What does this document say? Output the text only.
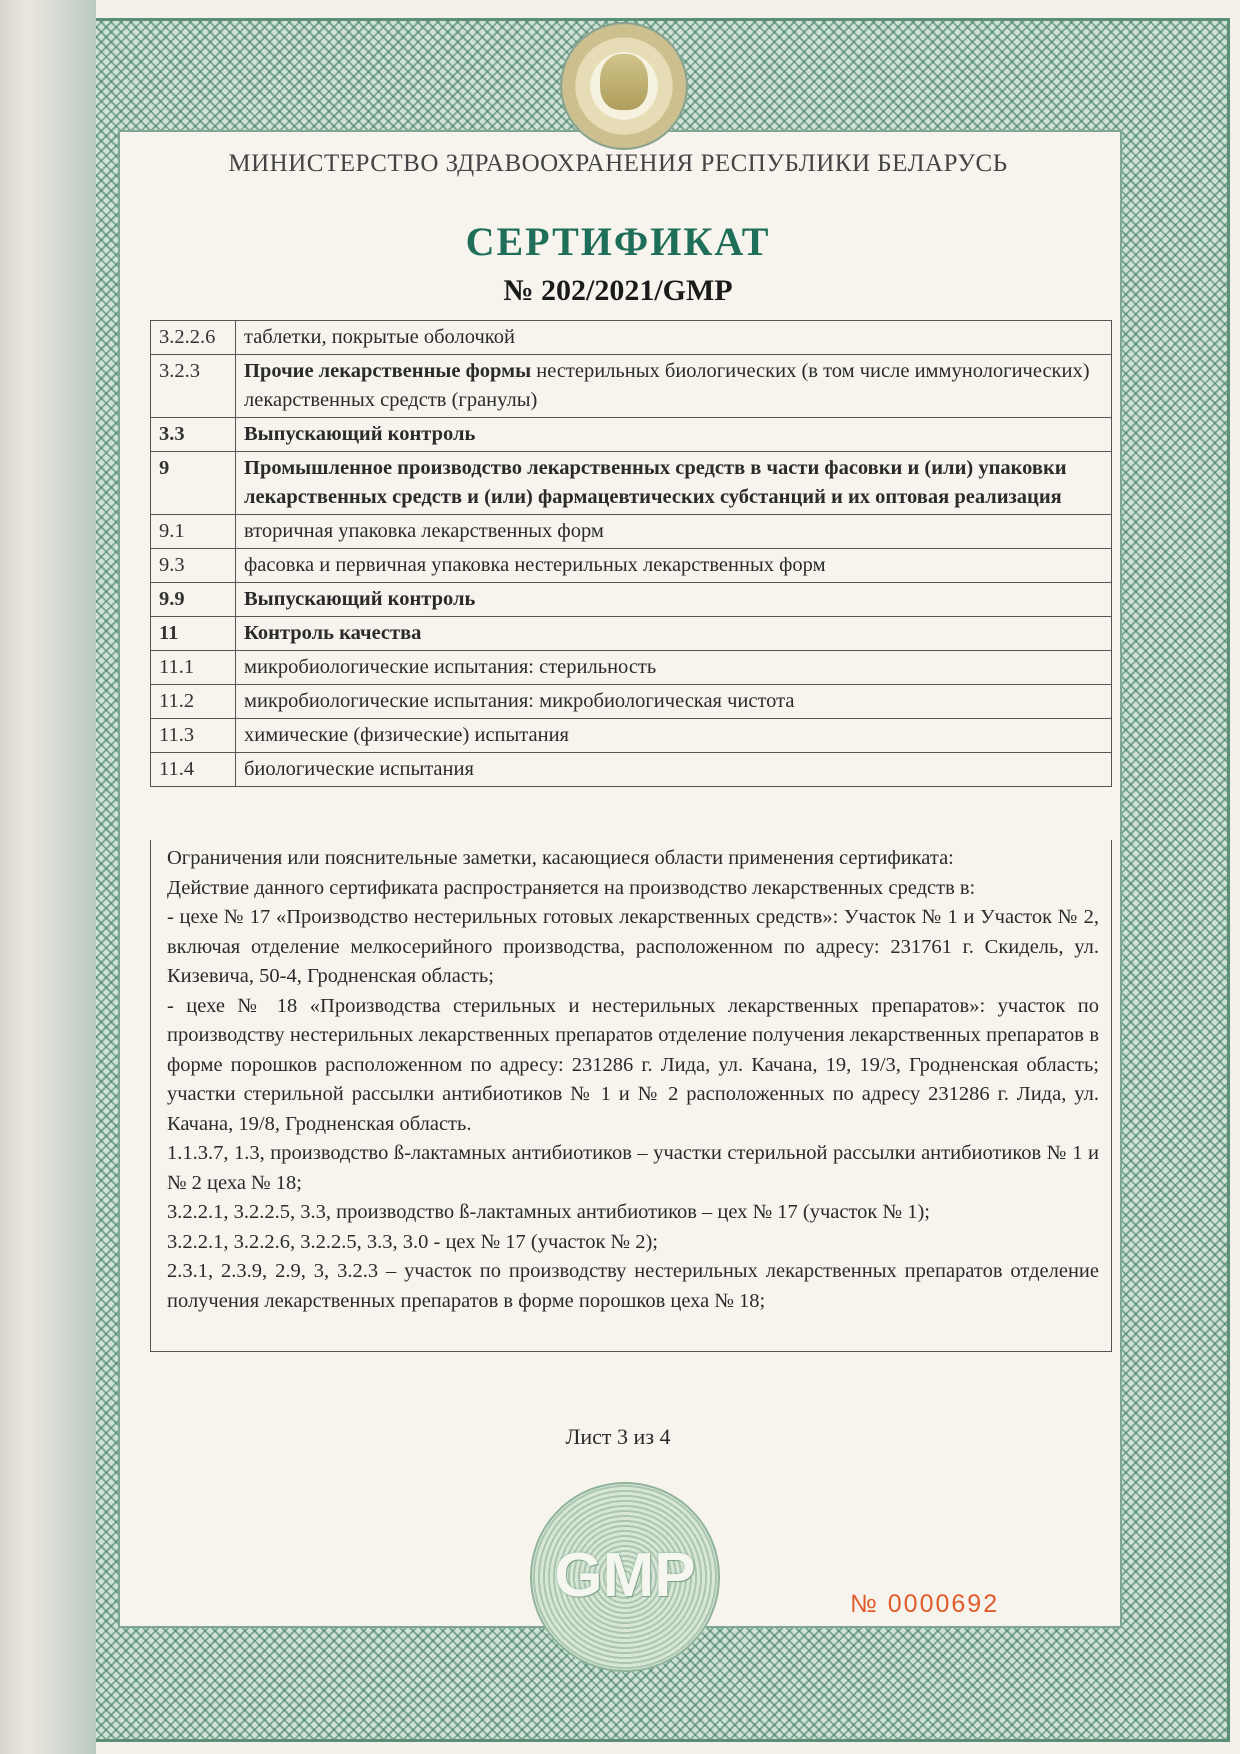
МИНИСТЕРСТВО ЗДРАВООХРАНЕНИЯ РЕСПУБЛИКИ БЕЛАРУСЬ
СЕРТИФИКАТ
№ 202/2021/GMP
3.2.2.6	таблетки, покрытые оболочкой
3.2.3	Прочие лекарственные формы нестерильных биологических (в том числе иммунологических) лекарственных средств (гранулы)
3.3	Выпускающий контроль
9	Промышленное производство лекарственных средств в части фасовки и (или) упаковки лекарственных средств и (или) фармацевтических субстанций и их оптовая реализация
9.1	вторичная упаковка лекарственных форм
9.3	фасовка и первичная упаковка нестерильных лекарственных форм
9.9	Выпускающий контроль
11	Контроль качества
11.1	микробиологические испытания: стерильность
11.2	микробиологические испытания: микробиологическая чистота
11.3	химические (физические) испытания
11.4	биологические испытания

Ограничения или пояснительные заметки, касающиеся области применения сертификата:

Действие данного сертификата распространяется на производство лекарственных средств в:

- цехе № 17 «Производство нестерильных готовых лекарственных средств»: Участок № 1 и Участок № 2, включая отделение мелкосерийного производства, расположенном по адресу: 231761 г. Скидель, ул. Кизевича, 50-4, Гродненская область;

- цехе № 18 «Производства стерильных и нестерильных лекарственных препаратов»: участок по производству нестерильных лекарственных препаратов отделение получения лекарственных препаратов в форме порошков расположенном по адресу: 231286 г. Лида, ул. Качана, 19, 19/3, Гродненская область; участки стерильной рассылки антибиотиков № 1 и № 2 расположенных по адресу 231286 г. Лида, ул. Качана, 19/8, Гродненская область.

1.1.3.7, 1.3, производство ß-лактамных антибиотиков – участки стерильной рассылки антибиотиков № 1 и № 2 цеха № 18;

3.2.2.1, 3.2.2.5, 3.3, производство ß-лактамных антибиотиков – цех № 17 (участок № 1);

3.2.2.1, 3.2.2.6, 3.2.2.5, 3.3, 3.0 - цех № 17 (участок № 2);

2.3.1, 2.3.9, 2.9, 3, 3.2.3 – участок по производству нестерильных лекарственных препаратов отделение получения лекарственных препаратов в форме порошков цеха № 18;

Лист 3 из 4
GMP	№ 0000692
